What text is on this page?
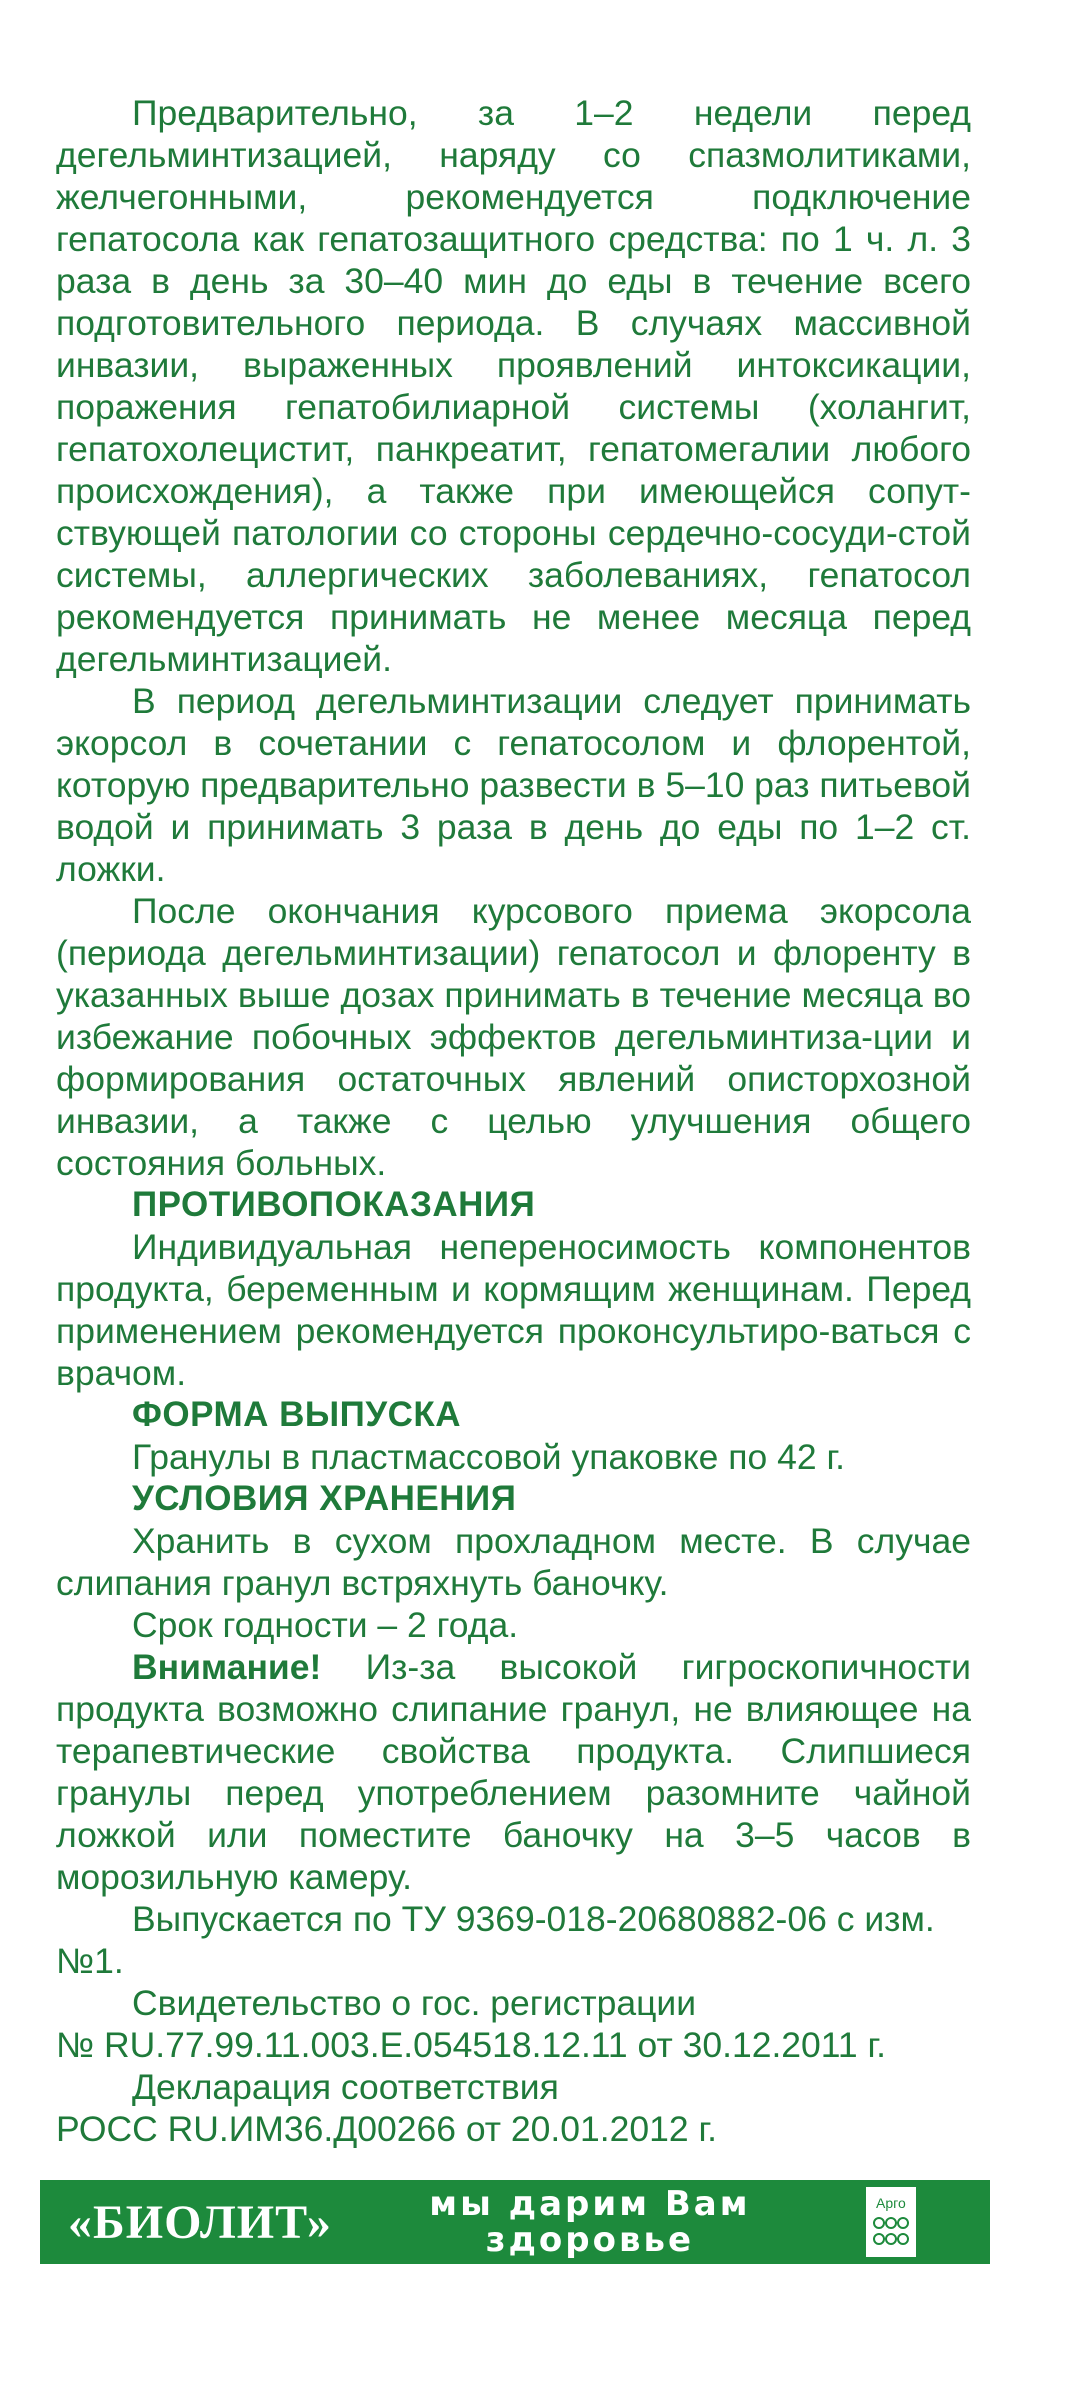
Предварительно, за 1–2 недели перед дегельминтизацией, наряду со спазмолитиками, желчегонными, рекомендуется подключение гепатосола как гепатозащитного средства: по 1 ч. л. 3 раза в день за 30–40 мин до еды в течение всего подготовительного периода. В случаях массивной инвазии, выраженных проявлений интоксикации, поражения гепатобилиарной системы (холангит, гепатохолецистит, панкреатит, гепатомегалии любого происхождения), а также при имеющейся сопут-ствующей патологии со стороны сердечно-сосуди-стой системы, аллергических заболеваниях, гепатосол рекомендуется принимать не менее месяца перед дегельминтизацией.

В период дегельминтизации следует принимать экорсол в сочетании с гепатосолом и флорентой, которую предварительно развести в 5–10 раз питьевой водой и принимать 3 раза в день до еды по 1–2 ст. ложки.

После окончания курсового приема экорсола (периода дегельминтизации) гепатосол и флоренту в указанных выше дозах принимать в течение месяца во избежание побочных эффектов дегельминтиза-ции и формирования остаточных явлений описторхозной инвазии, а также с целью улучшения общего состояния больных.

ПРОТИВОПОКАЗАНИЯ

Индивидуальная непереносимость компонентов продукта, беременным и кормящим женщинам. Перед применением рекомендуется проконсультиро-ваться с врачом.

ФОРМА ВЫПУСКА

Гранулы в пластмассовой упаковке по 42 г.

УСЛОВИЯ ХРАНЕНИЯ

Хранить в сухом прохладном месте. В случае слипания гранул встряхнуть баночку.

Срок годности – 2 года.

Внимание! Из-за высокой гигроскопичности продукта возможно слипание гранул, не влияющее на терапевтические свойства продукта. Слипшиеся гранулы перед употреблением разомните чайной ложкой или поместите баночку на 3–5 часов в морозильную камеру.

Выпускается по ТУ 9369-018-20680882-06 с изм. №1.

Свидетельство о гос. регистрации

№ RU.77.99.11.003.Е.054518.12.11 от 30.12.2011 г.

Декларация соответствия

РОСС RU.ИМ36.Д00266 от 20.01.2012 г.

«БИОЛИТ»	мы дарим Вам
здоровье
Арго
